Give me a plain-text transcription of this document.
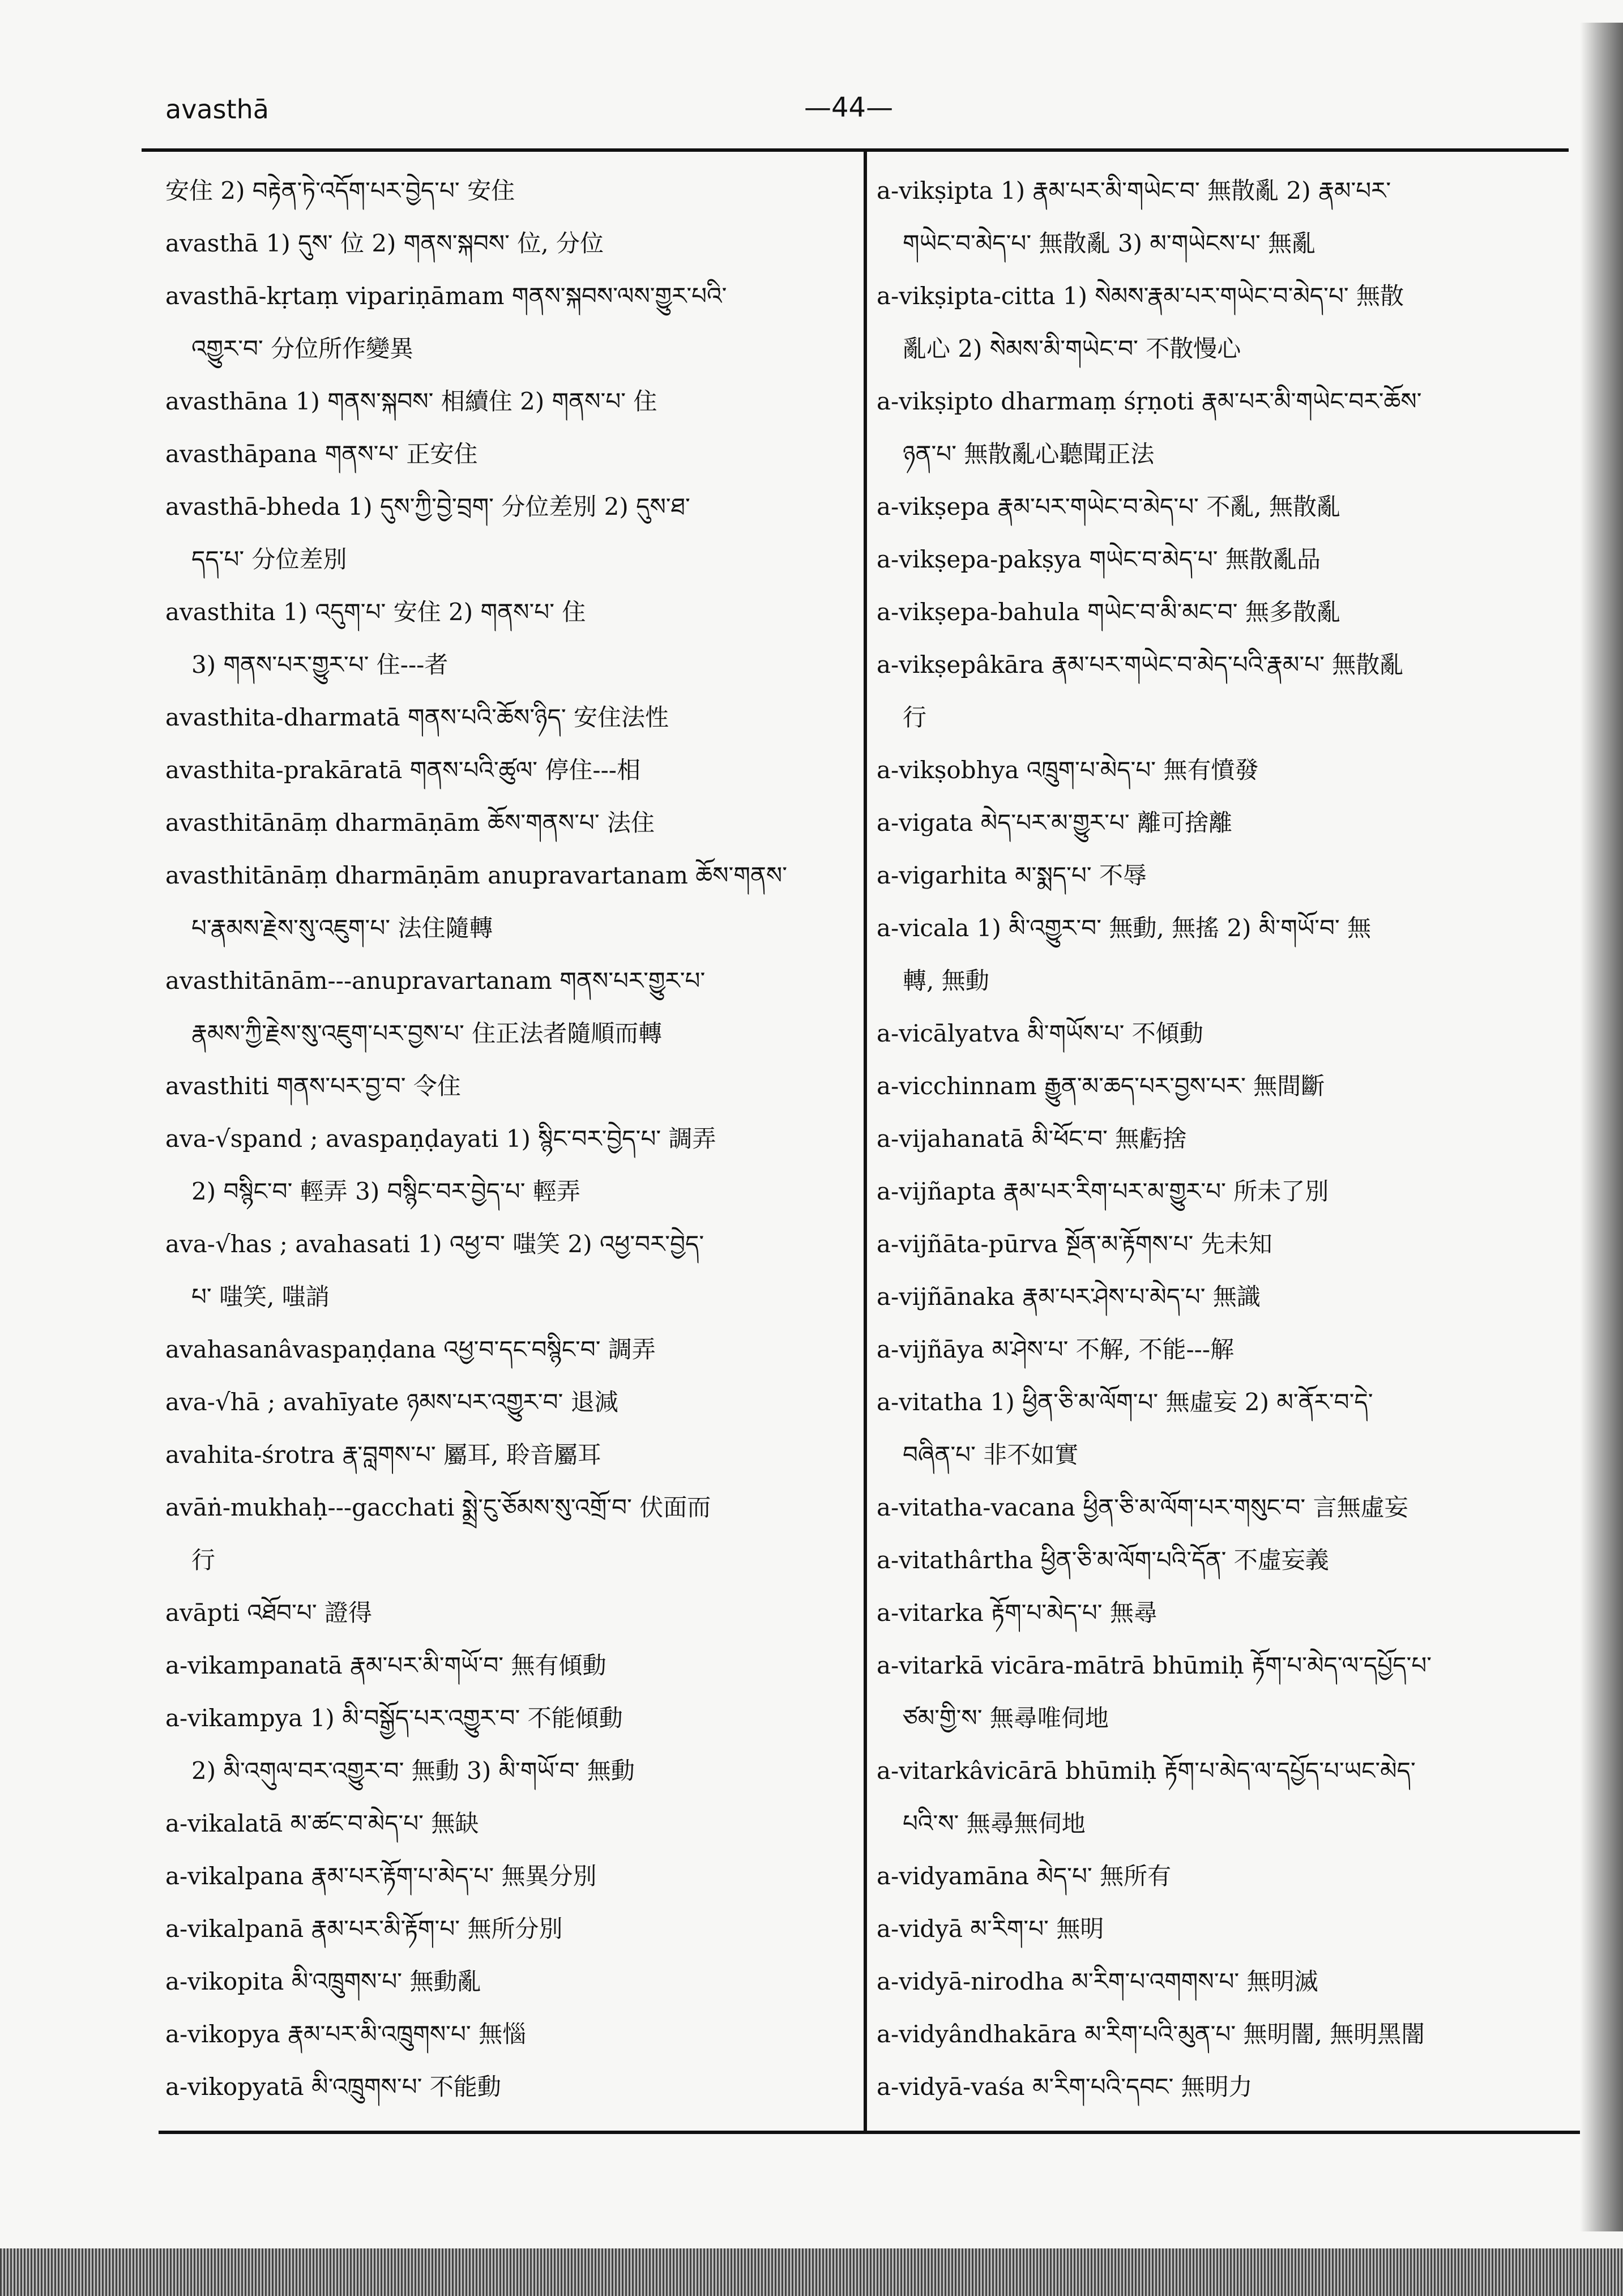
avasthā	—44—
安住 2) བརྟེན་ཏེ་འདོག་པར་བྱེད་པ་ 安住
avasthā 1) དུས་ 位 2) གནས་སྐབས་ 位, 分位
avasthā-kṛtaṃ vipariṇāmam གནས་སྐབས་ལས་གྱུར་པའི་
འགྱུར་བ་ 分位所作變異
avasthāna 1) གནས་སྐབས་ 相續住 2) གནས་པ་ 住
avasthāpana གནས་པ་ 正安住
avasthā-bheda 1) དུས་ཀྱི་བྱེ་བྲག་ 分位差別 2) དུས་ཐ་
དད་པ་ 分位差別
avasthita 1) འདུག་པ་ 安住 2) གནས་པ་ 住
3) གནས་པར་གྱུར་པ་ 住---者
avasthita-dharmatā གནས་པའི་ཆོས་ཉིད་ 安住法性
avasthita-prakāratā གནས་པའི་ཚུལ་ 停住---相
avasthitānāṃ dharmāṇām ཆོས་གནས་པ་ 法住
avasthitānāṃ dharmāṇām anupravartanam ཆོས་གནས་
པ་རྣམས་རྗེས་སུ་འཇུག་པ་ 法住隨轉
avasthitānām---anupravartanam གནས་པར་གྱུར་པ་
རྣམས་ཀྱི་རྗེས་སུ་འཇུག་པར་བྱས་པ་ 住正法者隨順而轉
avasthiti གནས་པར་བྱ་བ་ 令住
ava-√spand ; avaspaṇḍayati 1) སྙིང་བར་བྱེད་པ་ 調弄
2) བསྙིང་བ་ 輕弄 3) བསྙིང་བར་བྱེད་པ་ 輕弄
ava-√has ; avahasati 1) འཕྱ་བ་ 嗤笑 2) འཕྱ་བར་བྱེད་
པ་ 嗤笑, 嗤誚
avahasanâvaspaṇḍana འཕྱ་བ་དང་བསྙིང་བ་ 調弄
ava-√hā ; avahīyate ཉམས་པར་འགྱུར་བ་ 退減
avahita-śrotra རྣ་བླགས་པ་ 屬耳, 聆音屬耳
avāṅ-mukhaḥ---gacchati སྨྲེ་ངུ་ཅོམས་སུ་འགྲོ་བ་ 伏面而
行
avāpti འཐོབ་པ་ 證得
a-vikampanatā རྣམ་པར་མི་གཡོ་བ་ 無有傾動
a-vikampya 1) མི་བསྒྱོད་པར་འགྱུར་བ་ 不能傾動
2) མི་འགུལ་བར་འགྱུར་བ་ 無動 3) མི་གཡོ་བ་ 無動
a-vikalatā མ་ཚང་བ་མེད་པ་ 無缺
a-vikalpana རྣམ་པར་རྟོག་པ་མེད་པ་ 無異分別
a-vikalpanā རྣམ་པར་མི་རྟོག་པ་ 無所分別
a-vikopita མི་འཁྲུགས་པ་ 無動亂
a-vikopya རྣམ་པར་མི་འཁྲུགས་པ་ 無惱
a-vikopyatā མི་འཁྲུགས་པ་ 不能動
a-vikṣipta 1) རྣམ་པར་མི་གཡེང་བ་ 無散亂 2) རྣམ་པར་
གཡེང་བ་མེད་པ་ 無散亂 3) མ་གཡེངས་པ་ 無亂
a-vikṣipta-citta 1) སེམས་རྣམ་པར་གཡེང་བ་མེད་པ་ 無散
亂心 2) སེམས་མི་གཡེང་བ་ 不散慢心
a-vikṣipto dharmaṃ śṛṇoti རྣམ་པར་མི་གཡེང་བར་ཆོས་
ཉན་པ་ 無散亂心聽聞正法
a-vikṣepa རྣམ་པར་གཡེང་བ་མེད་པ་ 不亂, 無散亂
a-vikṣepa-pakṣya གཡེང་བ་མེད་པ་ 無散亂品
a-vikṣepa-bahula གཡེང་བ་མི་མང་བ་ 無多散亂
a-vikṣepâkāra རྣམ་པར་གཡེང་བ་མེད་པའི་རྣམ་པ་ 無散亂
行
a-vikṣobhya འཁྲུག་པ་མེད་པ་ 無有憤發
a-vigata མེད་པར་མ་གྱུར་པ་ 離可捨離
a-vigarhita མ་སྨད་པ་ 不辱
a-vicala 1) མི་འགྱུར་བ་ 無動, 無搖 2) མི་གཡོ་བ་ 無
轉, 無動
a-vicālyatva མི་གཡོས་པ་ 不傾動
a-vicchinnam རྒྱུན་མ་ཆད་པར་བྱས་པར་ 無間斷
a-vijahanatā མི་ཕོང་བ་ 無虧捨
a-vijñapta རྣམ་པར་རིག་པར་མ་གྱུར་པ་ 所未了別
a-vijñāta-pūrva སྔོན་མ་རྟོགས་པ་ 先未知
a-vijñānaka རྣམ་པར་ཤེས་པ་མེད་པ་ 無識
a-vijñāya མ་ཤེས་པ་ 不解, 不能---解
a-vitatha 1) ཕྱིན་ཅི་མ་ལོག་པ་ 無虛妄 2) མ་ནོར་བ་དེ་
བཞིན་པ་ 非不如實
a-vitatha-vacana ཕྱིན་ཅི་མ་ལོག་པར་གསུང་བ་ 言無虛妄
a-vitathârtha ཕྱིན་ཅི་མ་ལོག་པའི་དོན་ 不虛妄義
a-vitarka རྟོག་པ་མེད་པ་ 無尋
a-vitarkā vicāra-mātrā bhūmiḥ རྟོག་པ་མེད་ལ་དཔྱོད་པ་
ཙམ་གྱི་ས་ 無尋唯伺地
a-vitarkâvicārā bhūmiḥ རྟོག་པ་མེད་ལ་དཔྱོད་པ་ཡང་མེད་
པའི་ས་ 無尋無伺地
a-vidyamāna མེད་པ་ 無所有
a-vidyā མ་རིག་པ་ 無明
a-vidyā-nirodha མ་རིག་པ་འགགས་པ་ 無明滅
a-vidyândhakāra མ་རིག་པའི་མུན་པ་ 無明闇, 無明黑闇
a-vidyā-vaśa མ་རིག་པའི་དབང་ 無明力
